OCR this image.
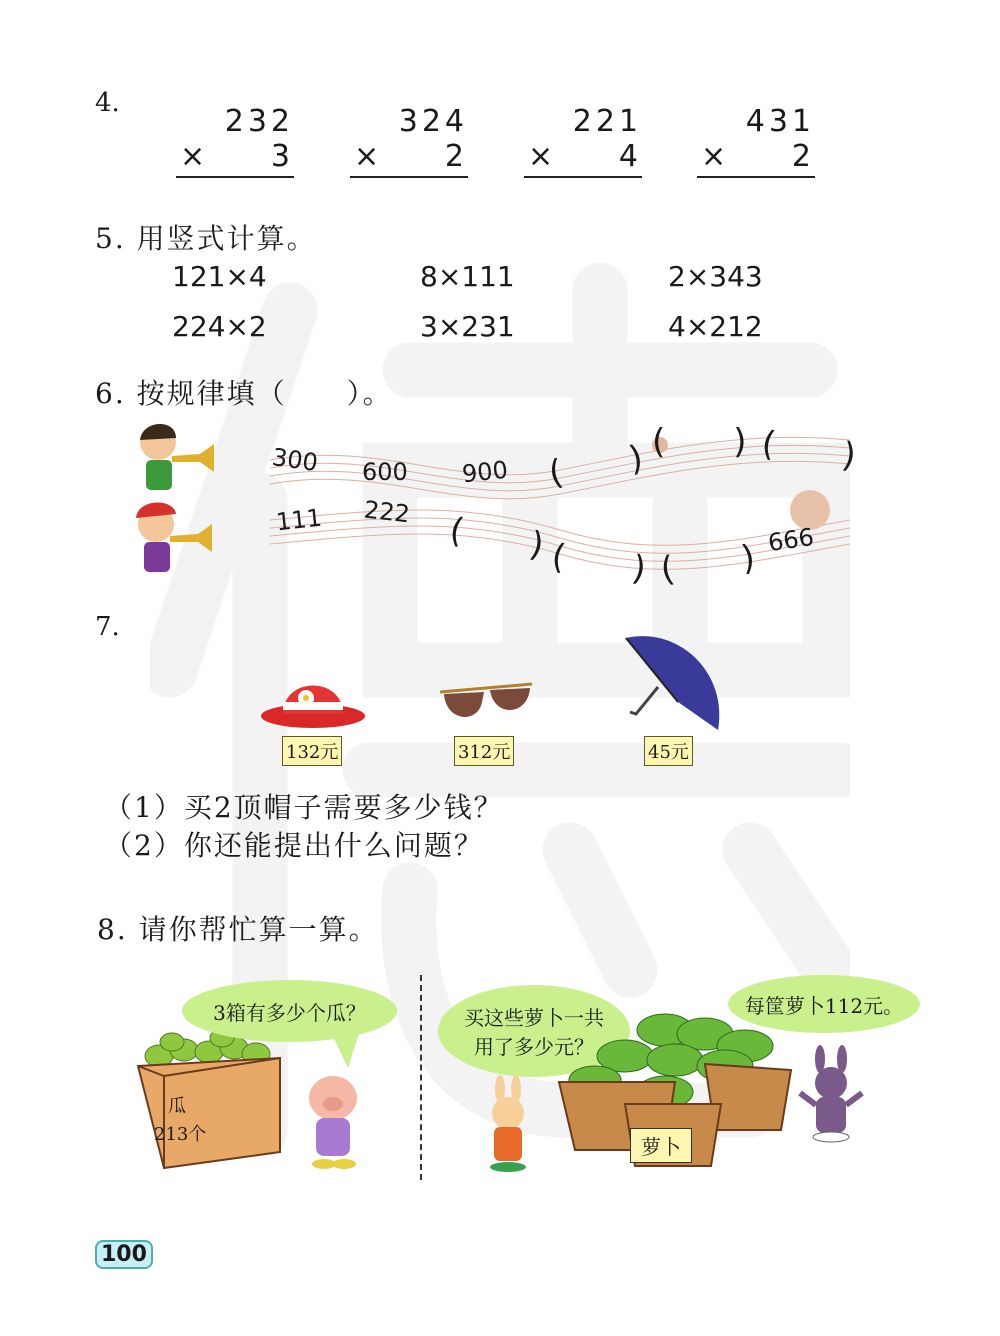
4.
232
× 3
324
× 2
221
× 4
431
× 2
5. 用竖式计算。
121×4	8×111	2×343
224×2	3×231	4×212
6. 按规律填（　　）。
300 600 900 (　　) (　　) (　　)
111 222 (　　) (　　) (　　) 666
7.
132元	312元	45元
（1）买2顶帽子需要多少钱？
（2）你还能提出什么问题？
8. 请你帮忙算一算。
瓜
213个
3箱有多少个瓜？	买这些萝卜一共
用了多少元？
萝卜
每筐萝卜112元。
100
